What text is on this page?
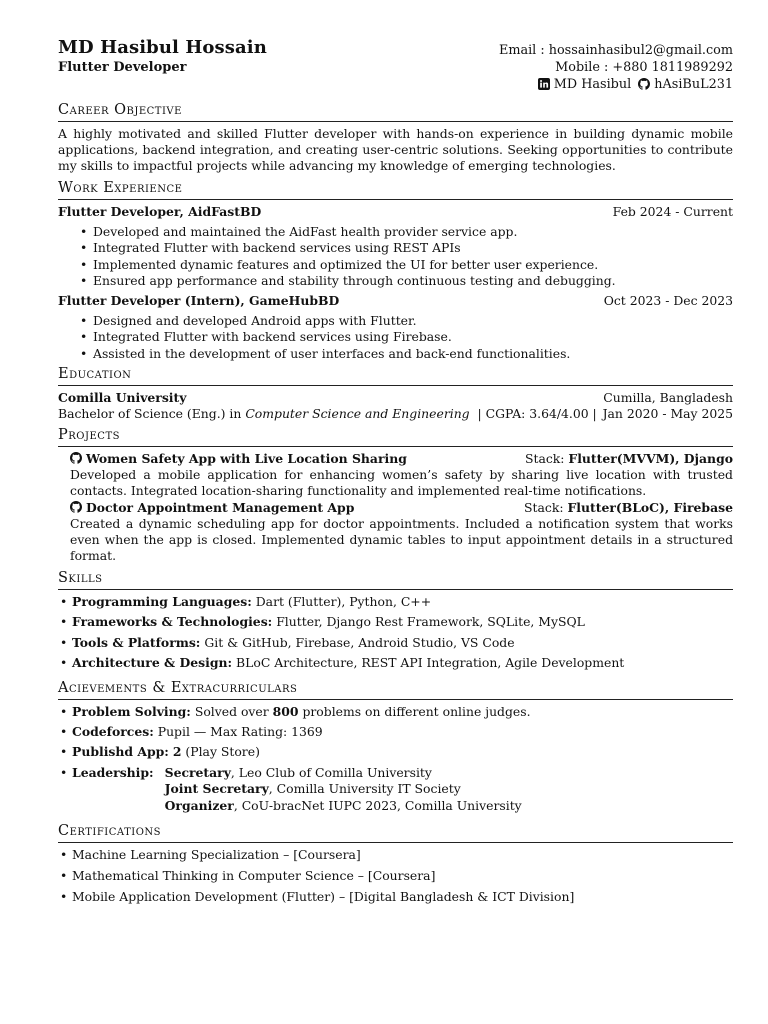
MD Hasibul Hossain
Flutter Developer
Email : hossainhasibul2@gmail.com
Mobile : +880 1811989292
MD Hasibul hAsiBuL231
Career Objective
A highly motivated and skilled Flutter developer with hands-on experience in building dynamic mobile applications, backend integration, and creating user-centric solutions. Seeking opportunities to contribute my skills to impactful projects while advancing my knowledge of emerging technologies.
Work Experience
Flutter Developer, AidFastBD	Feb 2024 - Current
• Developed and maintained the AidFast health provider service app.
• Integrated Flutter with backend services using REST APIs
• Implemented dynamic features and optimized the UI for better user experience.
• Ensured app performance and stability through continuous testing and debugging.
Flutter Developer (Intern), GameHubBD	Oct 2023 - Dec 2023
• Designed and developed Android apps with Flutter.
• Integrated Flutter with backend services using Firebase.
• Assisted in the development of user interfaces and back-end functionalities.
Education
Comilla University	Cumilla, Bangladesh
Bachelor of Science (Eng.) in Computer Science and Engineering | CGPA: 3.64/4.00 | Jan 2020 - May 2025
Projects
Women Safety App with Live Location Sharing	Stack: Flutter(MVVM), Django
Developed a mobile application for enhancing women’s safety by sharing live location with trusted contacts. Integrated location-sharing functionality and implemented real-time notifications.
Doctor Appointment Management App	Stack: Flutter(BLoC), Firebase
Created a dynamic scheduling app for doctor appointments. Included a notification system that works even when the app is closed. Implemented dynamic tables to input appointment details in a structured format.
Skills
• Programming Languages: Dart (Flutter), Python, C++
• Frameworks & Technologies: Flutter, Django Rest Framework, SQLite, MySQL
• Tools & Platforms: Git & GitHub, Firebase, Android Studio, VS Code
• Architecture & Design: BLoC Architecture, REST API Integration, Agile Development
Acievements & Extracurriculars
• Problem Solving: Solved over 800 problems on different online judges.
• Codeforces: Pupil — Max Rating: 1369
• Publishd App: 2 (Play Store)
• Leadership: Secretary, Leo Club of Comilla University
Joint Secretary, Comilla University IT Society
Organizer, CoU-bracNet IUPC 2023, Comilla University
Certifications
• Machine Learning Specialization – [Coursera]
• Mathematical Thinking in Computer Science – [Coursera]
• Mobile Application Development (Flutter) – [Digital Bangladesh & ICT Division]
